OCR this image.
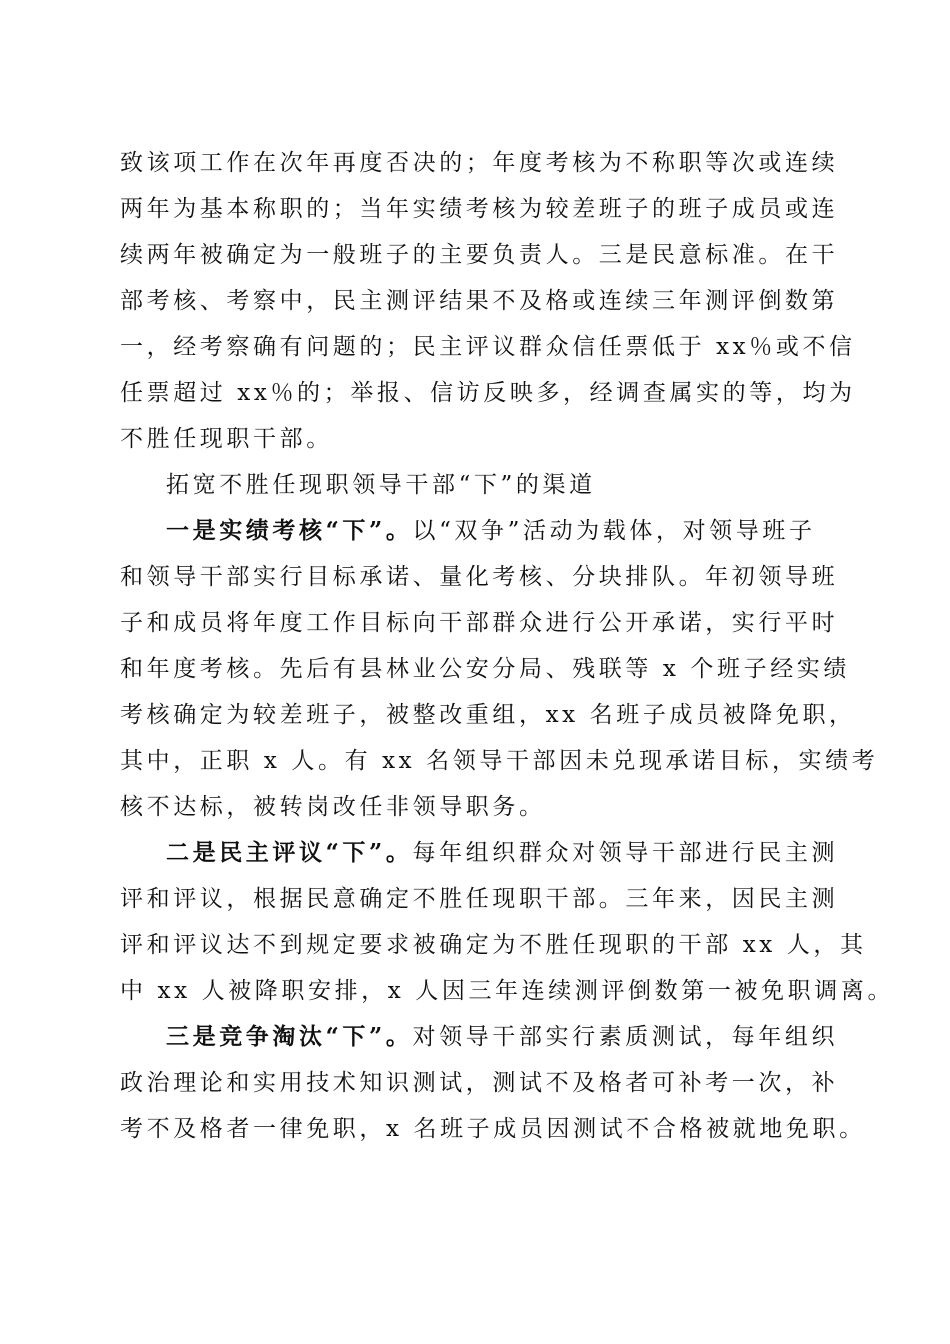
致该项工作在次年再度否决的；年度考核为不称职等次或连续
两年为基本称职的；当年实绩考核为较差班子的班子成员或连
续两年被确定为一般班子的主要负责人。三是民意标准。在干
部考核、考察中，民主测评结果不及格或连续三年测评倒数第
一，经考察确有问题的；民主评议群众信任票低于 xx％或不信
任票超过 xx％的；举报、信访反映多，经调查属实的等，均为
不胜任现职干部。
拓宽不胜任现职领导干部“下”的渠道
一是实绩考核“下”。以“双争”活动为载体，对领导班子
和领导干部实行目标承诺、量化考核、分块排队。年初领导班
子和成员将年度工作目标向干部群众进行公开承诺，实行平时
和年度考核。先后有县林业公安分局、残联等 x 个班子经实绩
考核确定为较差班子，被整改重组，xx 名班子成员被降免职，
其中，正职 x 人。有 xx 名领导干部因未兑现承诺目标，实绩考
核不达标，被转岗改任非领导职务。
二是民主评议“下”。每年组织群众对领导干部进行民主测
评和评议，根据民意确定不胜任现职干部。三年来，因民主测
评和评议达不到规定要求被确定为不胜任现职的干部 xx 人，其
中 xx 人被降职安排，x 人因三年连续测评倒数第一被免职调离。
三是竞争淘汰“下”。对领导干部实行素质测试，每年组织
政治理论和实用技术知识测试，测试不及格者可补考一次，补
考不及格者一律免职，x 名班子成员因测试不合格被就地免职。
